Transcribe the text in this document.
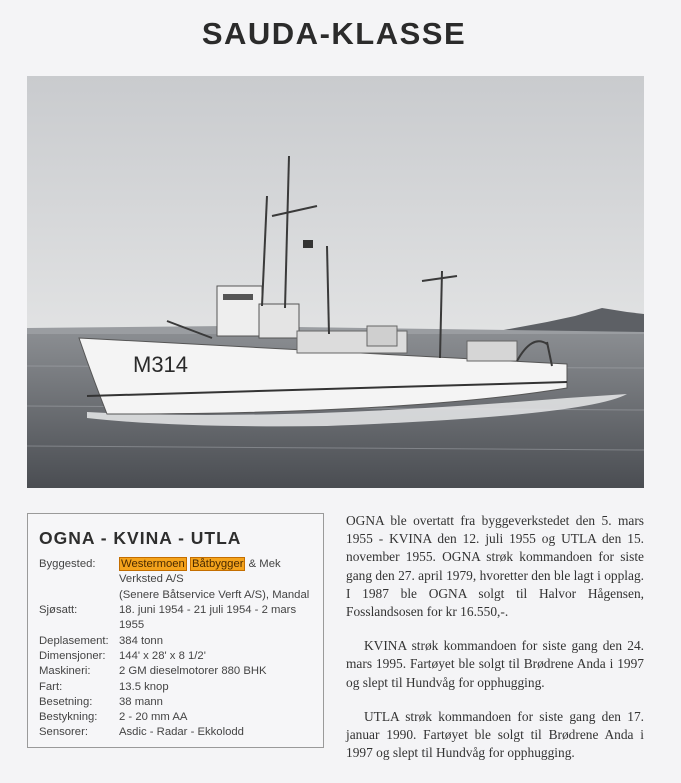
SAUDA-KLASSE
M314
OGNA - KVINA - UTLA
Byggested:	Westermoen Båtbygger & Mek
Verksted A/S
(Senere Båtservice Verft A/S), Mandal
Sjøsatt:	18. juni 1954 - 21 juli 1954 - 2 mars
1955
Deplasement: 384 tonn
Dimensjoner:	144' x 28' x 8 1/2'
Maskineri:	2 GM dieselmotorer 880 BHK
Fart:	13.5 knop
Besetning:	38 mann
Bestykning:	2 - 20 mm AA
Sensorer:	Asdic - Radar - Ekkolodd

OGNA ble overtatt fra byggeverkstedet den 5. mars 1955 - KVINA den 12. juli 1955 og UTLA den 15. november 1955. OGNA strøk kommandoen for siste gang den 27. april 1979, hvoretter den ble lagt i opplag. I 1987 ble OGNA solgt til Halvor Hågensen, Fosslandsosen for kr 16.550,-.

KVINA strøk kommandoen for siste gang den 24. mars 1995. Fartøyet ble solgt til Brødrene Anda i 1997 og slept til Hundvåg for opphugging.

UTLA strøk kommandoen for siste gang den 17. januar 1990. Fartøyet ble solgt til Brødrene Anda i 1997 og slept til Hundvåg for opphugging.
